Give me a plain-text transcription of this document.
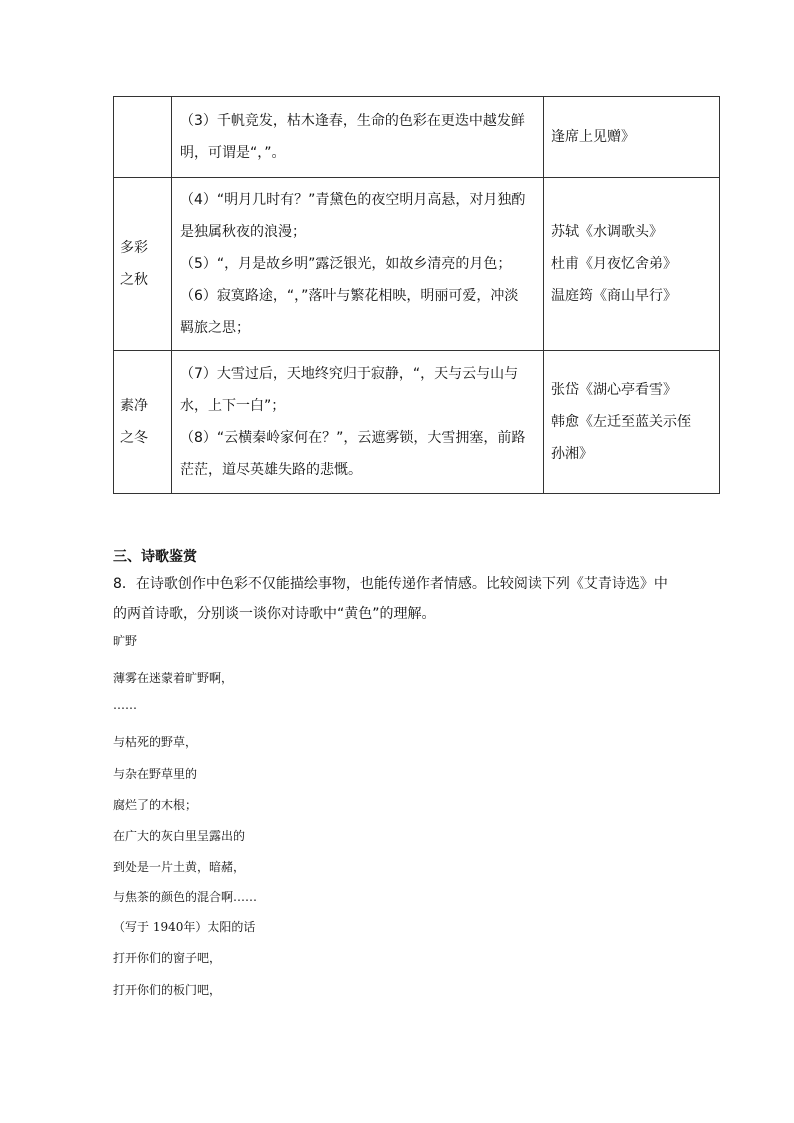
	（3）千帆竞发，枯木逢春，生命的色彩在更迭中越发鲜
明，可谓是“，”。	逢席上见赠》

多彩
之秋	（4）“明月几时有？”青黛色的夜空明月高悬，对月独酌
是独属秋夜的浪漫；
（5）“，月是故乡明”露泛银光，如故乡清亮的月色；
（6）寂寞路途，“，”落叶与繁花相映，明丽可爱，冲淡
羁旅之思；	苏轼《水调歌头》
杜甫《月夜忆舍弟》
温庭筠《商山早行》

素净
之冬	（7）大雪过后，天地终究归于寂静，“，天与云与山与
水，上下一白”；
（8）“云横秦岭家何在？”，云遮雾锁，大雪拥塞，前路
茫茫，道尽英雄失路的悲慨。	张岱《湖心亭看雪》
韩愈《左迁至蓝关示侄
孙湘》
三、诗歌鉴赏
8．在诗歌创作中色彩不仅能描绘事物，也能传递作者情感。比较阅读下列《艾青诗选》中
的两首诗歌，分别谈一谈你对诗歌中“黄色”的理解。
旷野
薄雾在迷蒙着旷野啊，
……
与枯死的野草，
与杂在野草里的
腐烂了的木根；
在广大的灰白里呈露出的
到处是一片土黄，暗赭，
与焦茶的颜色的混合啊……
（写于 1940年）太阳的话
打开你们的窗子吧，
打开你们的板门吧，
